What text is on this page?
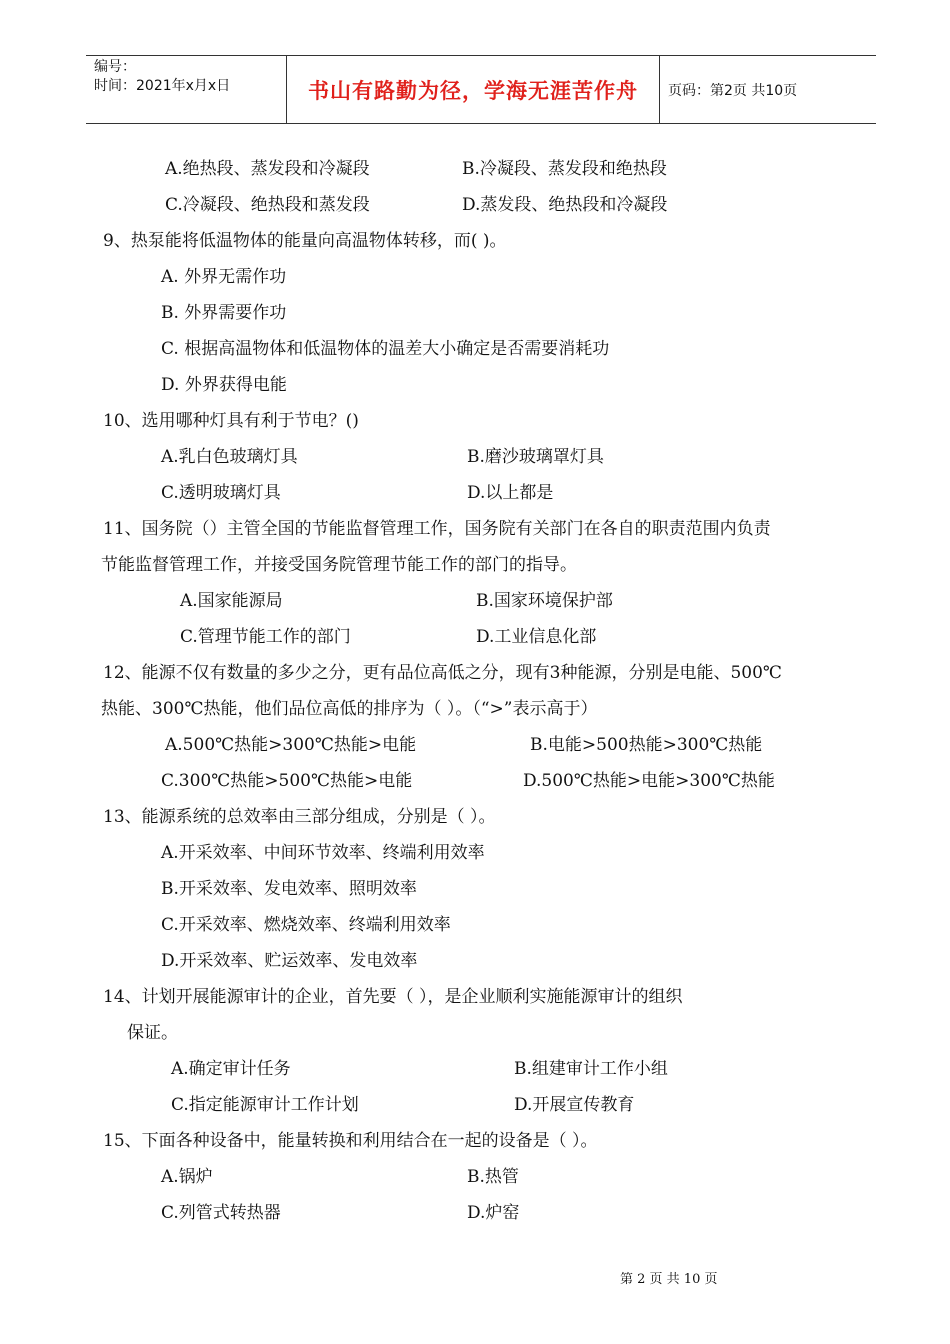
编号：
时间：2021年x月x日	书山有路勤为径，学海无涯苦作舟 页码：第2页 共10页
A.绝热段、蒸发段和冷凝段	B.冷凝段、蒸发段和绝热段
C.冷凝段、绝热段和蒸发段	D.蒸发段、绝热段和冷凝段
9、热泵能将低温物体的能量向高温物体转移，而( )。
A. 外界无需作功
B. 外界需要作功
C. 根据高温物体和低温物体的温差大小确定是否需要消耗功
D. 外界获得电能
10、选用哪种灯具有利于节电？()
A.乳白色玻璃灯具	B.磨沙玻璃罩灯具
C.透明玻璃灯具	D.以上都是
11、国务院（）主管全国的节能监督管理工作，国务院有关部门在各自的职责范围内负责
节能监督管理工作，并接受国务院管理节能工作的部门的指导。
A.国家能源局	B.国家环境保护部
C.管理节能工作的部门	D.工业信息化部
12、能源不仅有数量的多少之分，更有品位高低之分，现有3种能源，分别是电能、500℃
热能、300℃热能，他们品位高低的排序为（ ）。（“>”表示高于）
A.500℃热能>300℃热能>电能	B.电能>500热能>300℃热能
C.300℃热能>500℃热能>电能	D.500℃热能>电能>300℃热能
13、能源系统的总效率由三部分组成，分别是（ ）。
A.开采效率、中间环节效率、终端利用效率
B.开采效率、发电效率、照明效率
C.开采效率、燃烧效率、终端利用效率
D.开采效率、贮运效率、发电效率
14、计划开展能源审计的企业，首先要（ ），是企业顺利实施能源审计的组织
保证。
A.确定审计任务	B.组建审计工作小组
C.指定能源审计工作计划	D.开展宣传教育
15、下面各种设备中，能量转换和利用结合在一起的设备是（ ）。
A.锅炉	B.热管
C.列管式转热器	D.炉窑
第 2 页 共 10 页
